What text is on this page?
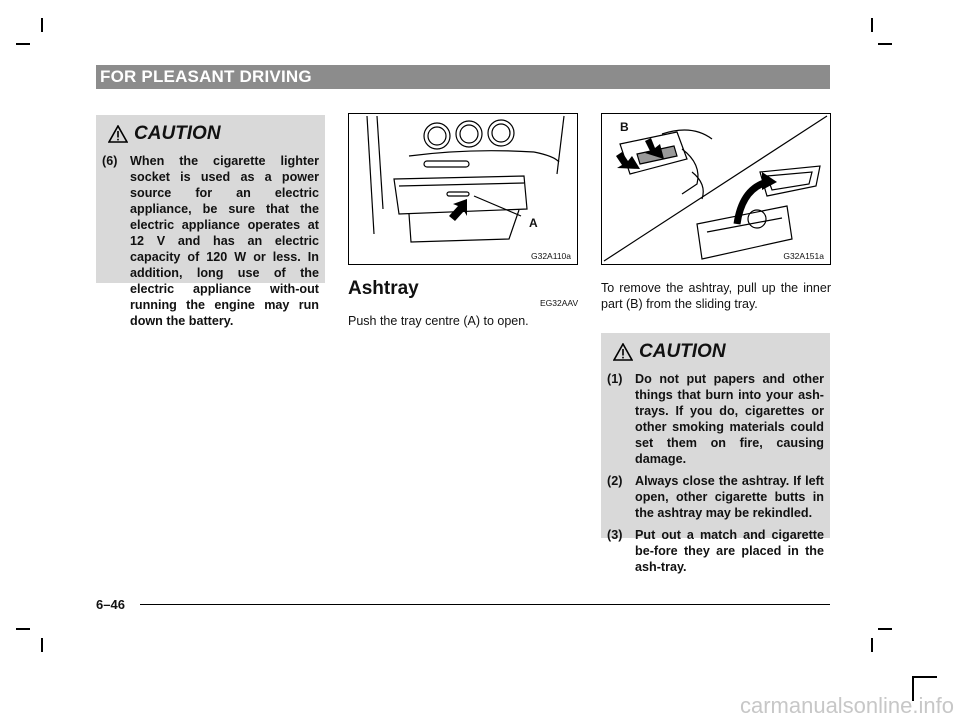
FOR PLEASANT DRIVING
CAUTION
(6) When the cigarette lighter socket is used as a power source for an electric appliance, be sure that the electric appliance operates at 12 V and has an electric capacity of 120 W or less. In addition, long use of the electric appliance with-out running the engine may run down the battery.
A
G32A110a
B
G32A151a
Ashtray
EG32AAV
Push the tray centre (A) to open.
To remove the ashtray, pull up the inner part (B) from the sliding tray.
CAUTION
(1) Do not put papers and other things that burn into your ash-trays. If you do, cigarettes or other smoking materials could set them on fire, causing damage.
(2) Always close the ashtray. If left open, other cigarette butts in the ashtray may be rekindled.
(3) Put out a match and cigarette be-fore they are placed in the ash-tray.
6–46
carmanualsonline.info
